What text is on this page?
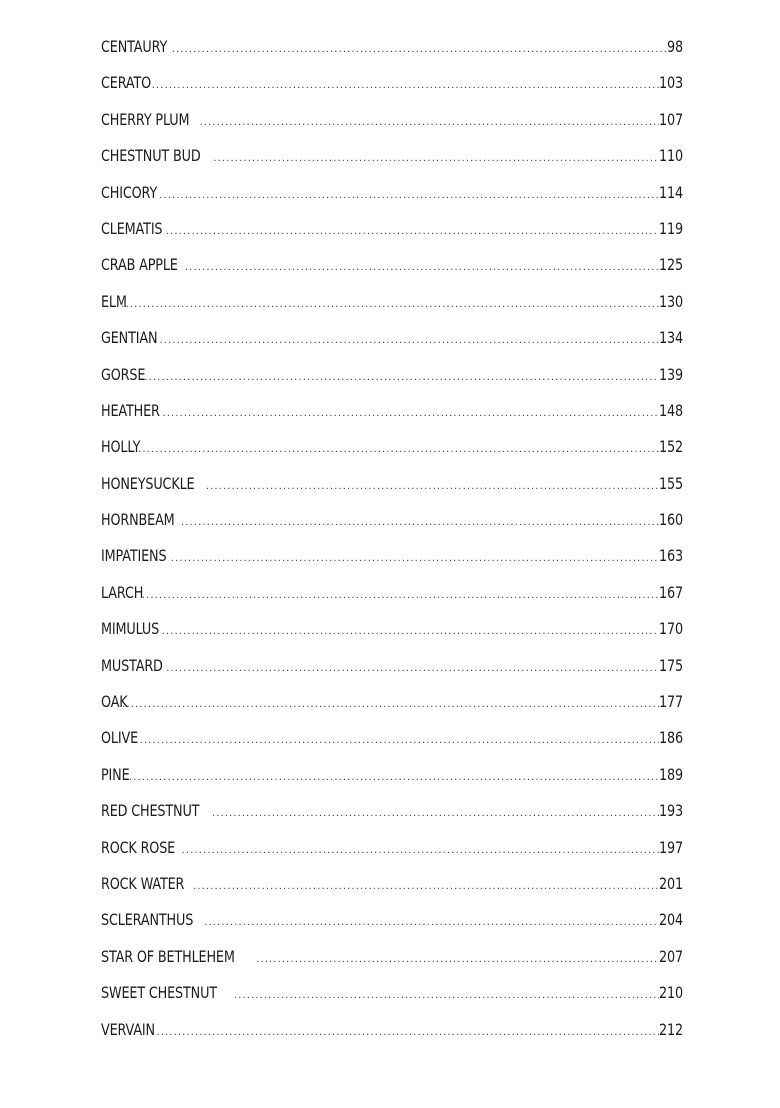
CENTAURY .....	98
CERATO .....	103
CHERRY PLUM .....	107
CHESTNUT BUD .....	110
CHICORY .....	114
CLEMATIS .....	119
CRAB APPLE .....	125
ELM .....	130
GENTIAN .....	134
GORSE .....	139
HEATHER .....	148
HOLLY .....	152
HONEYSUCKLE .....	155
HORNBEAM .....	160
IMPATIENS .....	163
LARCH .....	167
MIMULUS .....	170
MUSTARD .....	175
OAK .....	177
OLIVE .....	186
PINE .....	189
RED CHESTNUT .....	193
ROCK ROSE .....	197
ROCK WATER .....	201
SCLERANTHUS .....	204
STAR OF BETHLEHEM .....	207
SWEET CHESTNUT .....	210
VERVAIN .....	212
